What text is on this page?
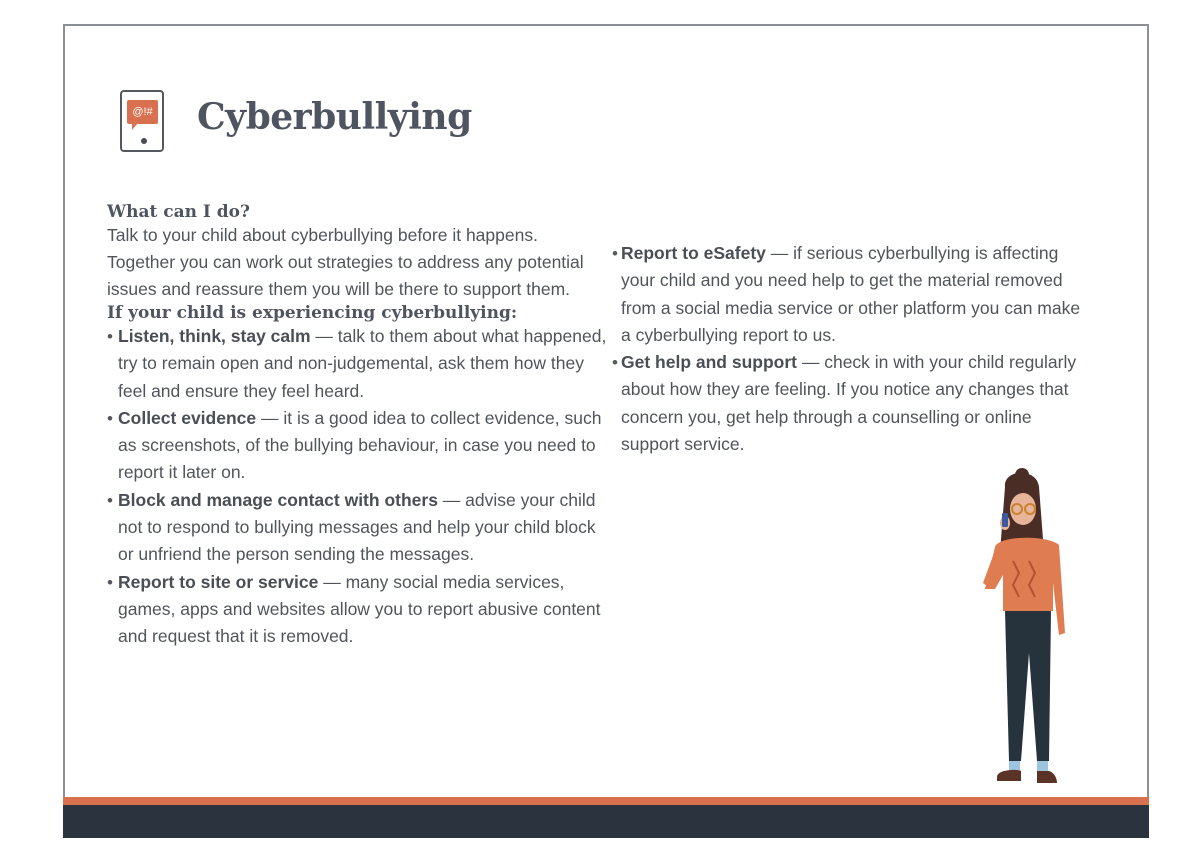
@!# Cyberbullying
What can I do?

Talk to your child about cyberbullying before it happens. Together you can work out strategies to address any potential issues and reassure them you will be there to support them.

If your child is experiencing cyberbullying:
• Listen, think, stay calm — talk to them about what happened, try to remain open and non-judgemental, ask them how they feel and ensure they feel heard.
• Collect evidence — it is a good idea to collect evidence, such as screenshots, of the bullying behaviour, in case you need to report it later on.
• Block and manage contact with others — advise your child not to respond to bullying messages and help your child block or unfriend the person sending the messages.
• Report to site or service — many social media services, games, apps and websites allow you to report abusive content and request that it is removed.
• Report to eSafety — if serious cyberbullying is affecting your child and you need help to get the material removed from a social media service or other platform you can make a cyberbullying report to us.
• Get help and support — check in with your child regularly about how they are feeling. If you notice any changes that concern you, get help through a counselling or online support service.
